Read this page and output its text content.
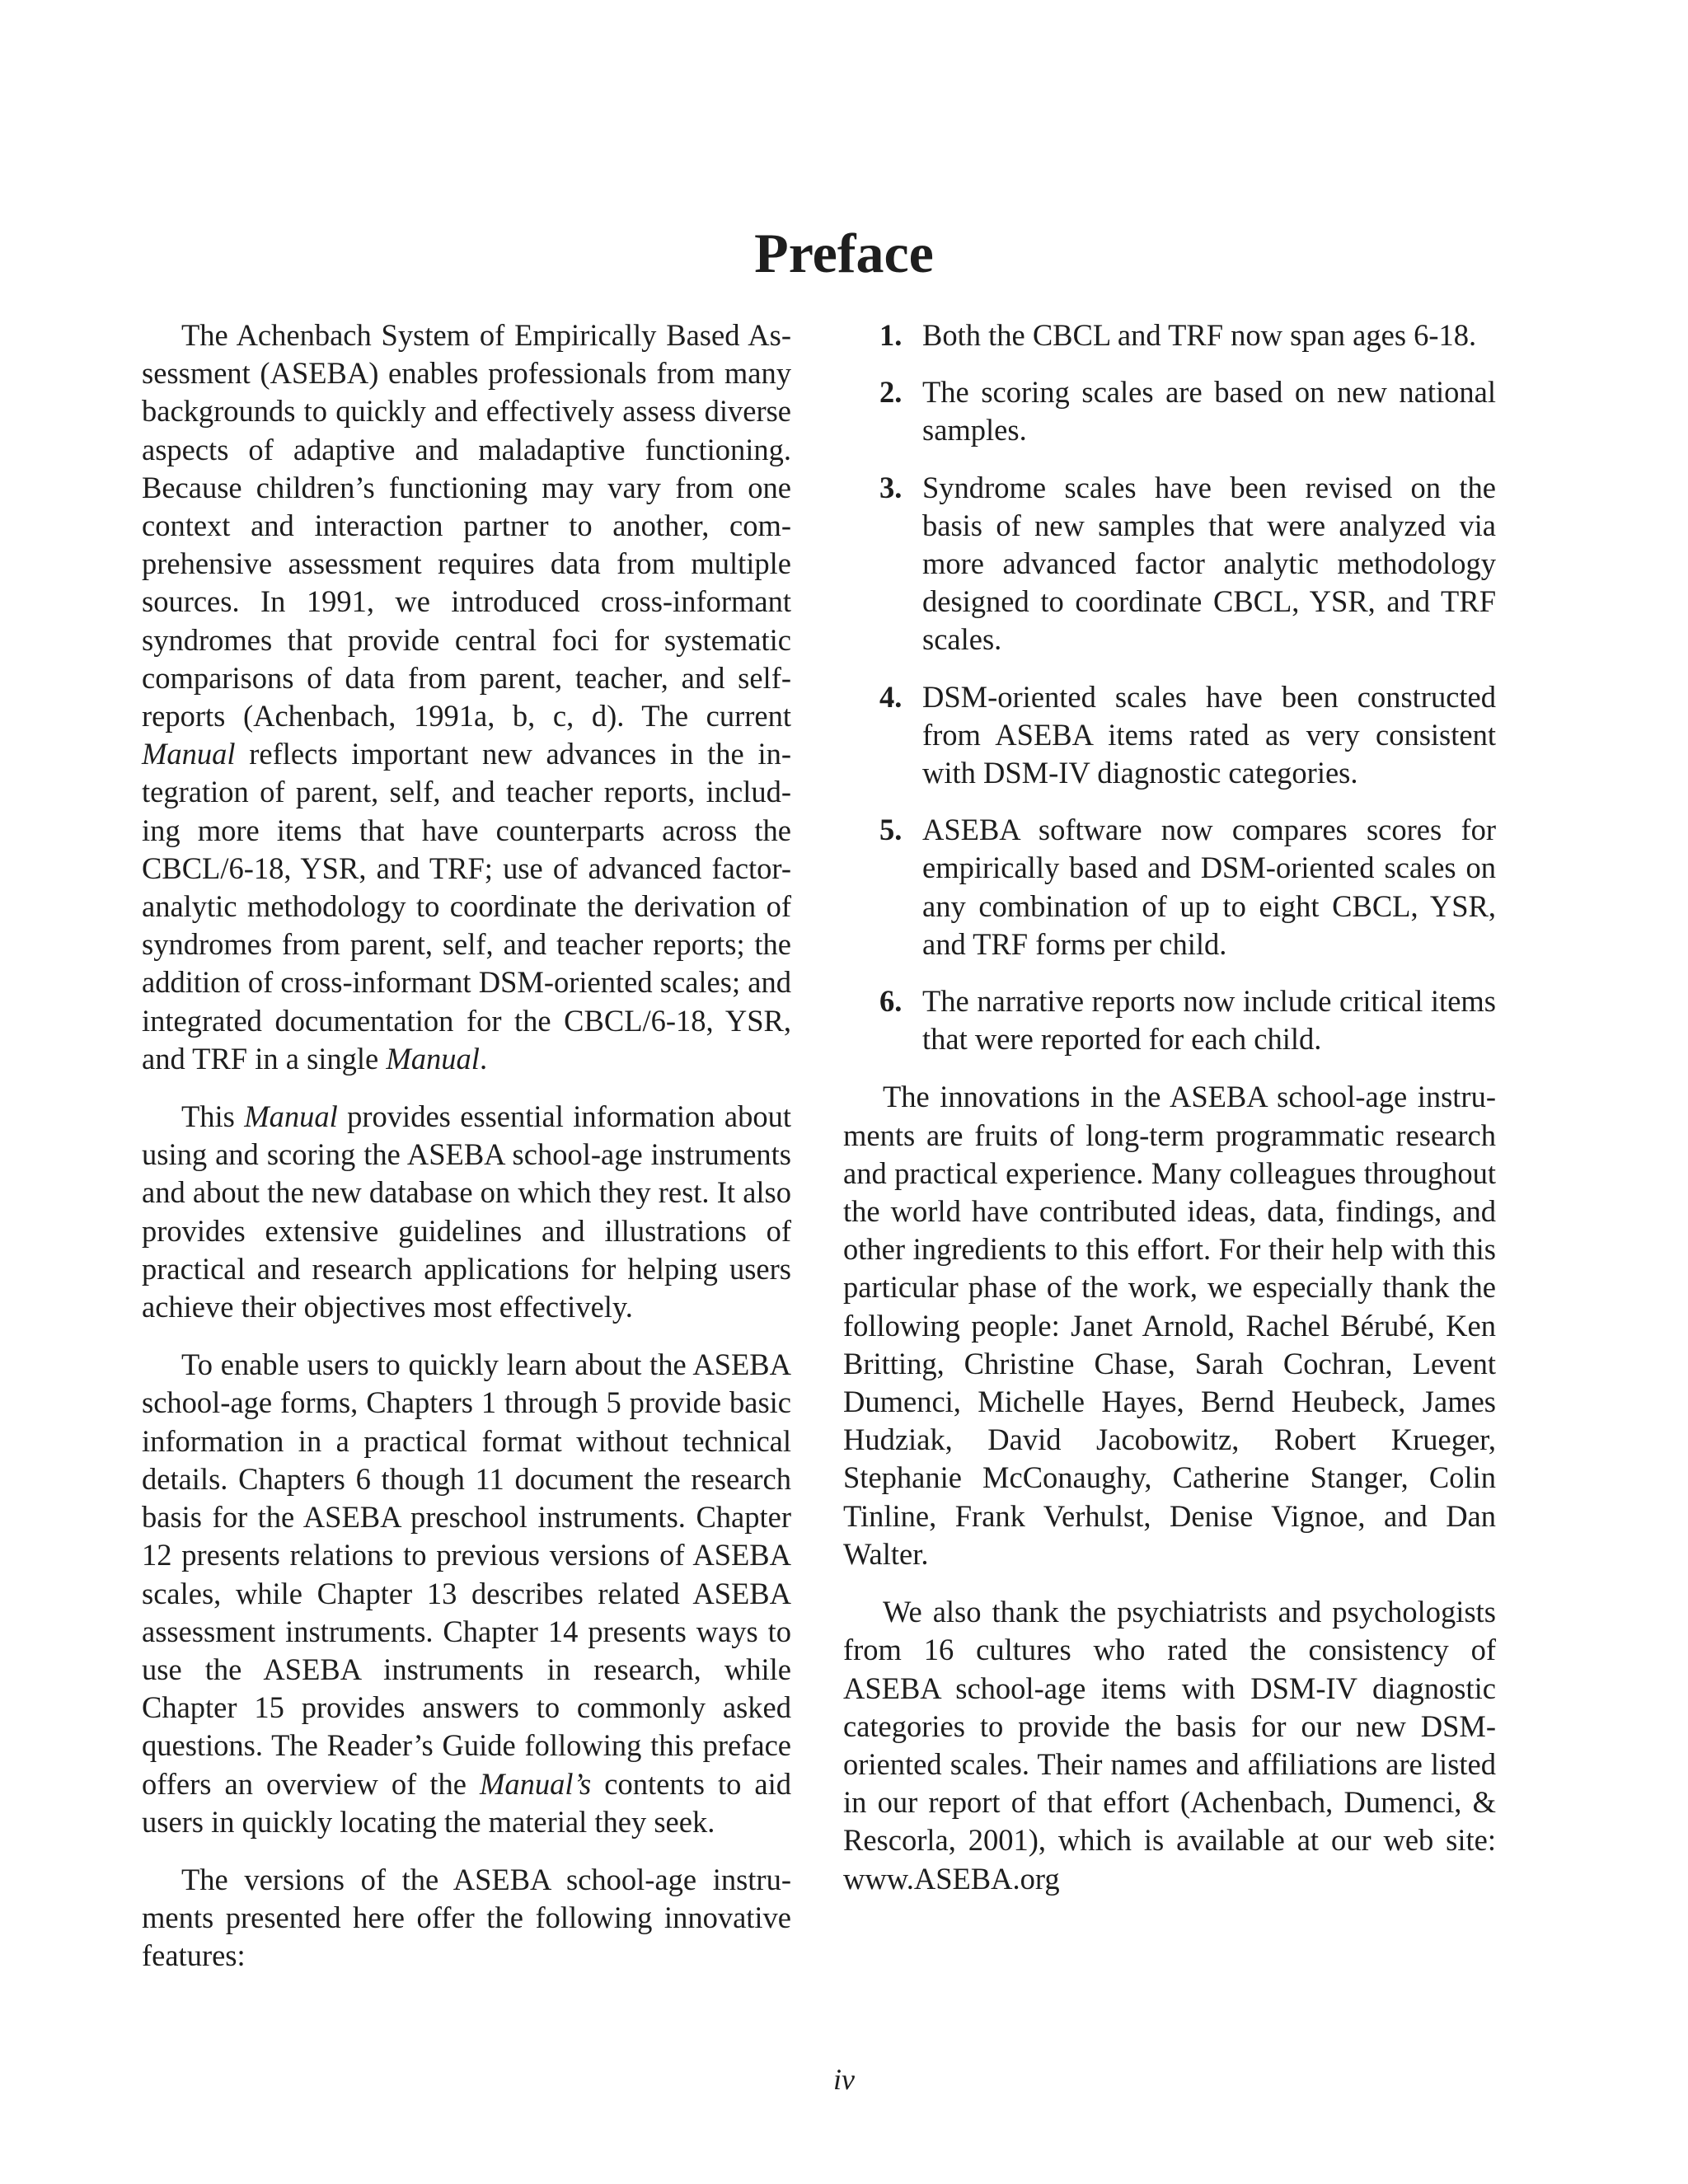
Preface

The Achenbach System of Empirically Based Assessment (ASEBA) enables professionals from many backgrounds to quickly and effectively assess diverse aspects of adaptive and maladaptive functioning. Because children’s functioning may vary from one context and interaction partner to another, comprehensive assessment requires data from multiple sources. In 1991, we introduced cross-informant syndromes that provide central foci for systematic comparisons of data from parent, teacher, and self-reports (Achenbach, 1991a, b, c, d). The current Manual reflects important new advances in the integration of parent, self, and teacher reports, including more items that have counterparts across the CBCL/6-18, YSR, and TRF; use of advanced factor-analytic methodology to coordinate the derivation of syndromes from parent, self, and teacher reports; the addition of cross-informant DSM-oriented scales; and integrated documentation for the CBCL/6-18, YSR, and TRF in a single Manual.

This Manual provides essential information about using and scoring the ASEBA school-age instruments and about the new database on which they rest. It also provides extensive guidelines and illustrations of practical and research applications for helping users achieve their objectives most effectively.

To enable users to quickly learn about the ASEBA school-age forms, Chapters 1 through 5 provide basic information in a practical format without technical details. Chapters 6 though 11 document the research basis for the ASEBA preschool instruments. Chapter 12 presents relations to previous versions of ASEBA scales, while Chapter 13 describes related ASEBA assessment instruments. Chapter 14 presents ways to use the ASEBA instruments in research, while Chapter 15 provides answers to commonly asked questions. The Reader’s Guide following this preface offers an overview of the Manual’s contents to aid users in quickly locating the material they seek.

The versions of the ASEBA school-age instruments presented here offer the following innovative features:

1. Both the CBCL and TRF now span ages 6-18.
2. The scoring scales are based on new national samples.
3. Syndrome scales have been revised on the basis of new samples that were analyzed via more advanced factor analytic methodology designed to coordinate CBCL, YSR, and TRF scales.
4. DSM-oriented scales have been constructed from ASEBA items rated as very consistent with DSM-IV diagnostic categories.
5. ASEBA software now compares scores for empirically based and DSM-oriented scales on any combination of up to eight CBCL, YSR, and TRF forms per child.
6. The narrative reports now include critical items that were reported for each child.

The innovations in the ASEBA school-age instruments are fruits of long-term programmatic research and practical experience. Many colleagues throughout the world have contributed ideas, data, findings, and other ingredients to this effort. For their help with this particular phase of the work, we especially thank the following people: Janet Arnold, Rachel Bérubé, Ken Britting, Christine Chase, Sarah Cochran, Levent Dumenci, Michelle Hayes, Bernd Heubeck, James Hudziak, David Jacobowitz, Robert Krueger, Stephanie McConaughy, Catherine Stanger, Colin Tinline, Frank Verhulst, Denise Vignoe, and Dan Walter.

We also thank the psychiatrists and psychologists from 16 cultures who rated the consistency of ASEBA school-age items with DSM-IV diagnostic categories to provide the basis for our new DSM-oriented scales. Their names and affiliations are listed in our report of that effort (Achenbach, Dumenci, & Rescorla, 2001), which is available at our web site: www.ASEBA.org

iv
